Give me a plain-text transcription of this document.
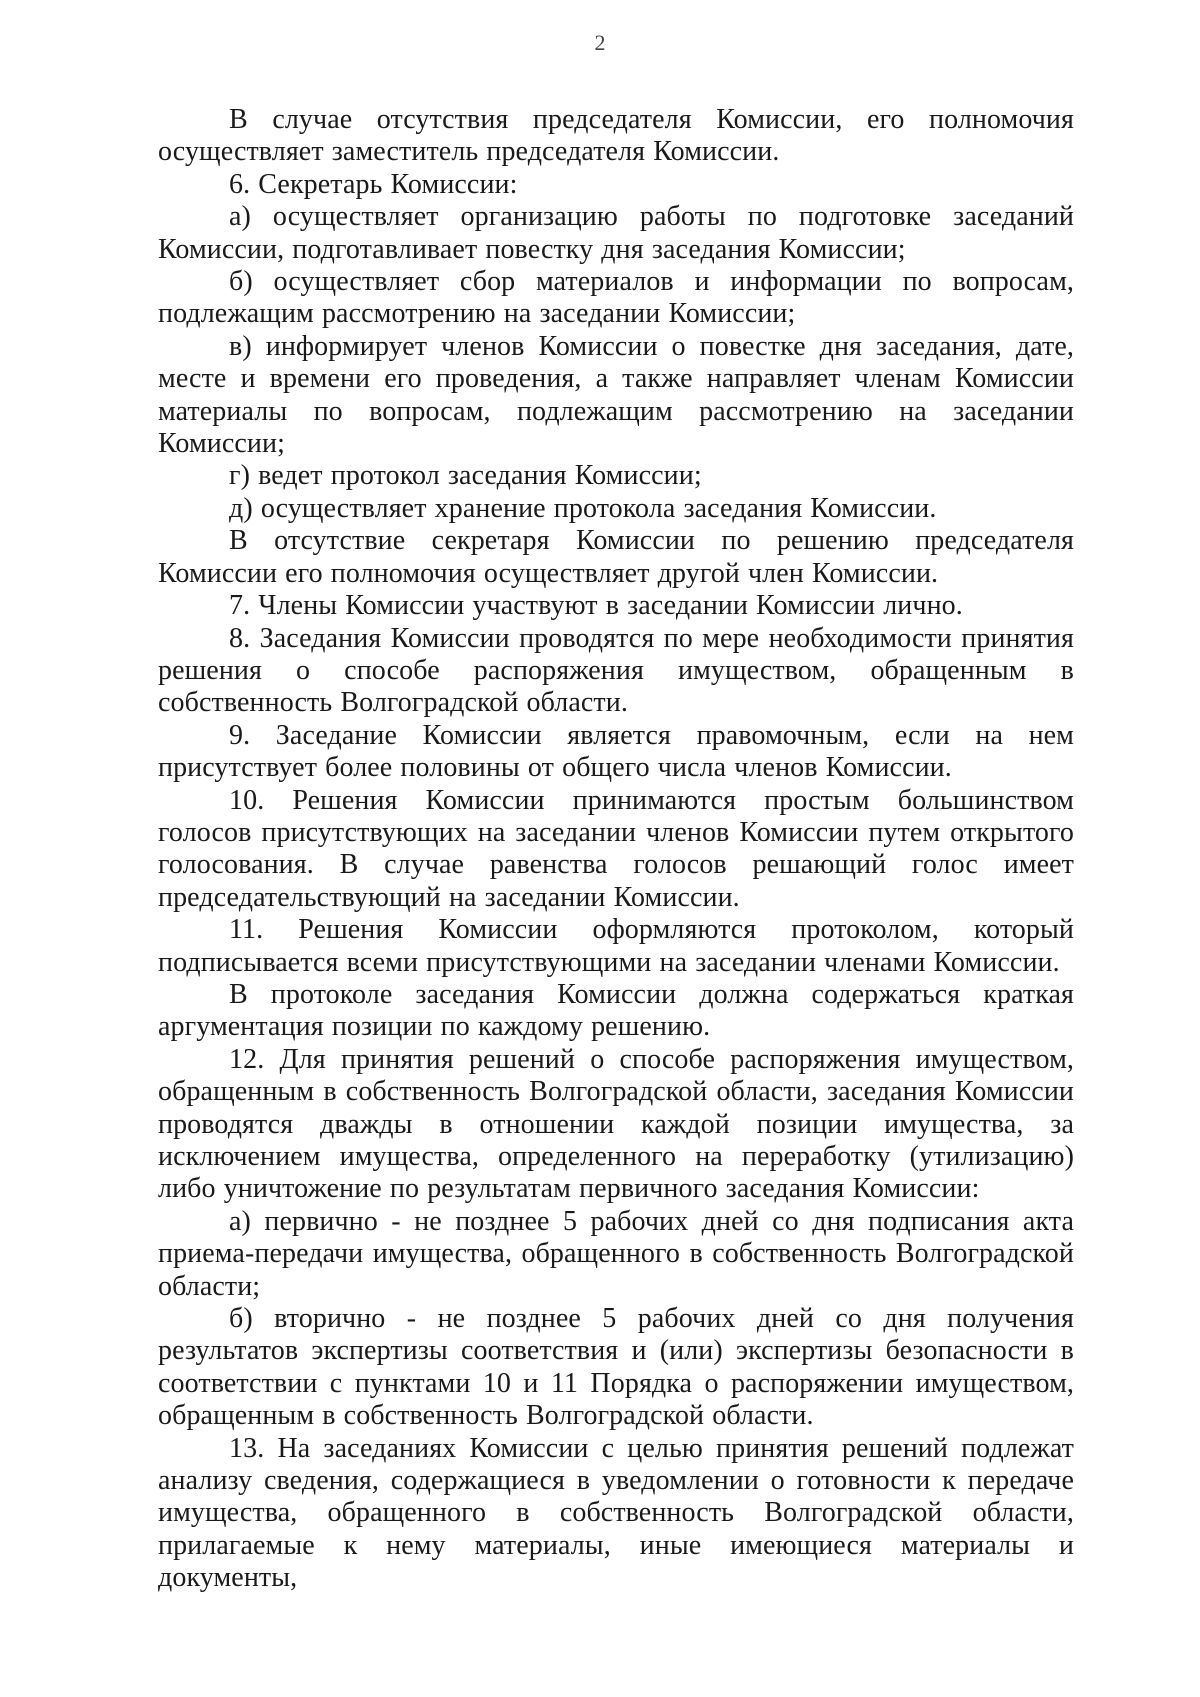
2

В случае отсутствия председателя Комиссии, его полномочия осуществляет заместитель председателя Комиссии.

6. Секретарь Комиссии:

а) осуществляет организацию работы по подготовке заседаний Комиссии, подготавливает повестку дня заседания Комиссии;

б) осуществляет сбор материалов и информации по вопросам, подлежащим рассмотрению на заседании Комиссии;

в) информирует членов Комиссии о повестке дня заседания, дате, месте и времени его проведения, а также направляет членам Комиссии материалы по вопросам, подлежащим рассмотрению на заседании Комиссии;

г) ведет протокол заседания Комиссии;

д) осуществляет хранение протокола заседания Комиссии.

В отсутствие секретаря Комиссии по решению председателя Комиссии его полномочия осуществляет другой член Комиссии.

7. Члены Комиссии участвуют в заседании Комиссии лично.

8. Заседания Комиссии проводятся по мере необходимости принятия решения о способе распоряжения имуществом, обращенным в собственность Волгоградской области.

9. Заседание Комиссии является правомочным, если на нем присутствует более половины от общего числа членов Комиссии.

10. Решения Комиссии принимаются простым большинством голосов присутствующих на заседании членов Комиссии путем открытого голосования. В случае равенства голосов решающий голос имеет председательствующий на заседании Комиссии.

11. Решения Комиссии оформляются протоколом, который подписывается всеми присутствующими на заседании членами Комиссии.

В протоколе заседания Комиссии должна содержаться краткая аргументация позиции по каждому решению.

12. Для принятия решений о способе распоряжения имуществом, обращенным в собственность Волгоградской области, заседания Комиссии проводятся дважды в отношении каждой позиции имущества, за исключением имущества, определенного на переработку (утилизацию) либо уничтожение по результатам первичного заседания Комиссии:

а) первично - не позднее 5 рабочих дней со дня подписания акта приема-передачи имущества, обращенного в собственность Волгоградской области;

б) вторично - не позднее 5 рабочих дней со дня получения результатов экспертизы соответствия и (или) экспертизы безопасности в соответствии с пунктами 10 и 11 Порядка о распоряжении имуществом, обращенным в собственность Волгоградской области.

13. На заседаниях Комиссии с целью принятия решений подлежат анализу сведения, содержащиеся в уведомлении о готовности к передаче имущества, обращенного в собственность Волгоградской области, прилагаемые к нему материалы, иные имеющиеся материалы и документы,
